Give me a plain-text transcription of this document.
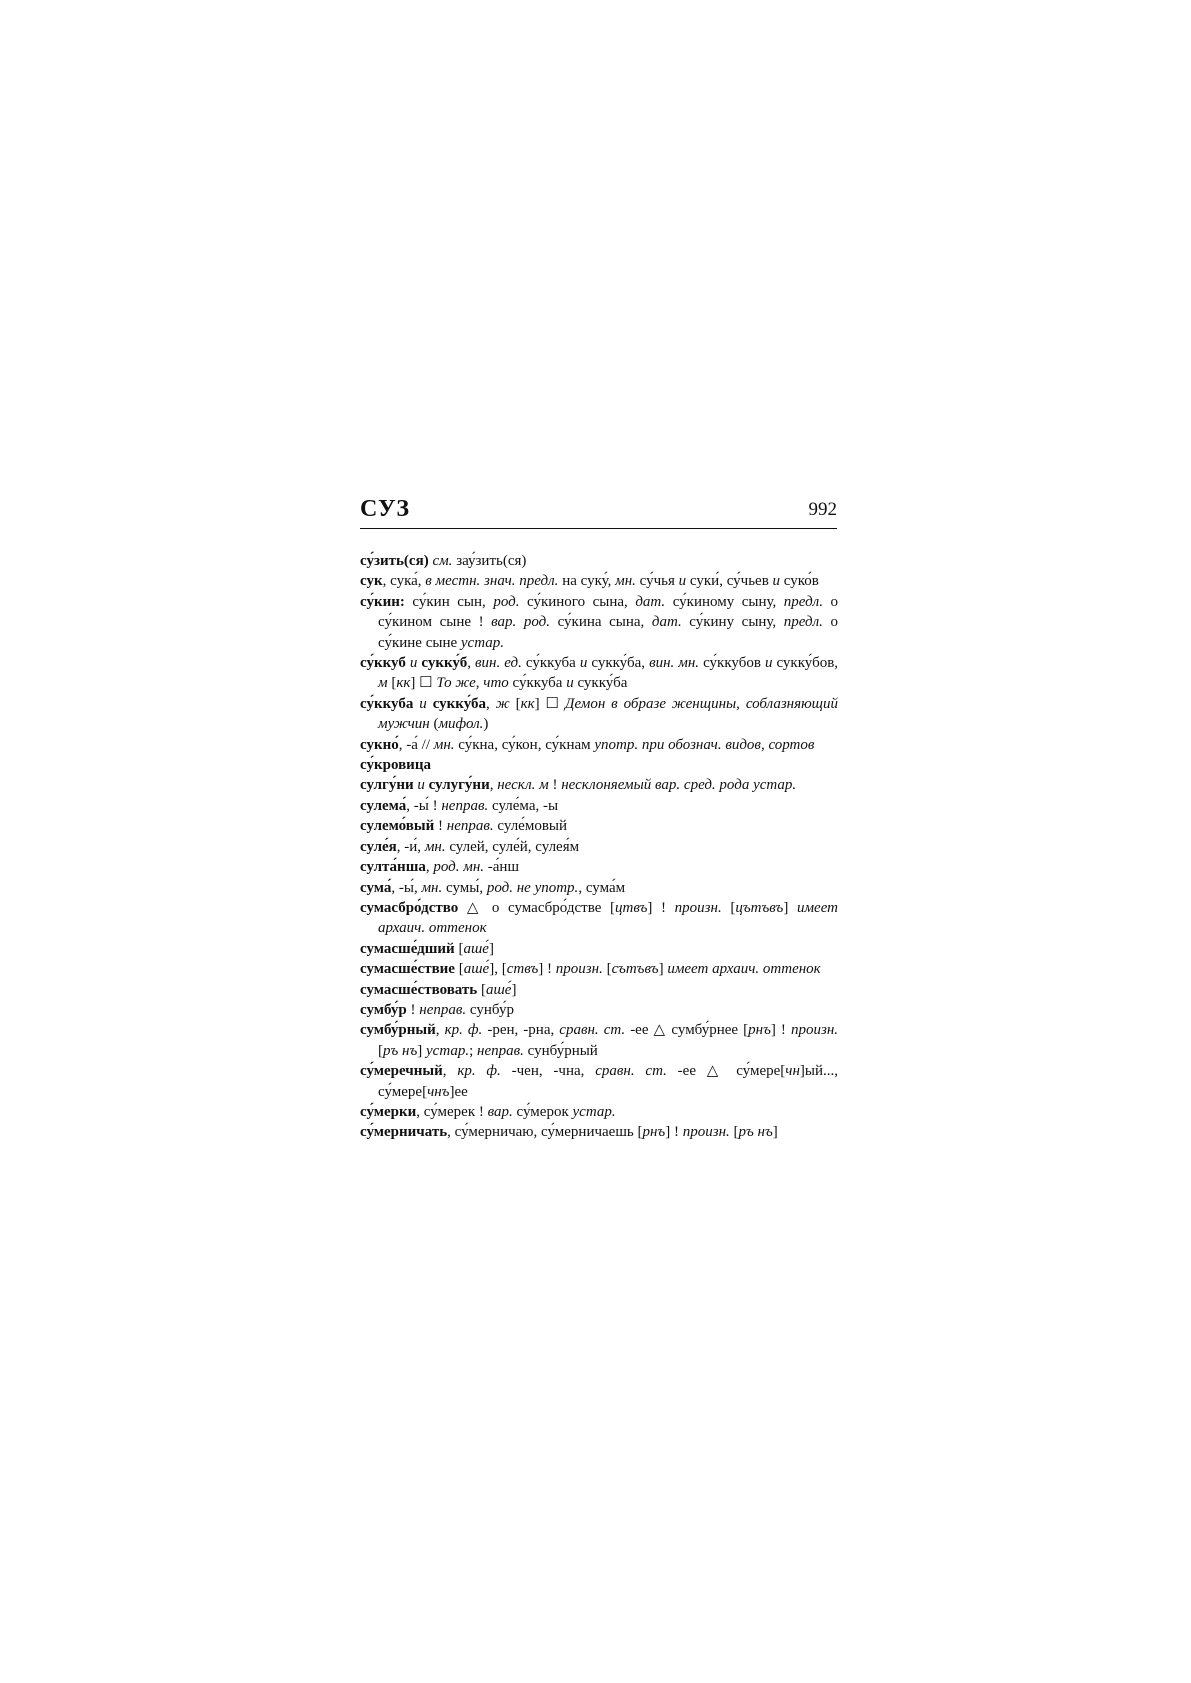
СУЗ	992

су́зить(ся) см. зау́зить(ся)

сук, сука́, в местн. знач. предл. на суку́, мн. су́чья и суки́, су́чьев и суко́в

су́кин: су́кин сын, род. су́киного сына, дат. су́киному сыну, предл. о су́кином сыне ! вар. род. су́кина сына, дат. су́кину сыну, предл. о су́кине сыне устар.

су́ккуб и сукку́б, вин. ед. су́ккуба и сукку́ба, вин. мн. су́ккубов и сукку́бов, м [кк] ☐ То же, что су́ккуба и сукку́ба

су́ккуба и сукку́ба, ж [кк] ☐ Демон в образе женщины, соблазняющий мужчин (мифол.)

сукно́, -а́ // мн. су́кна, су́кон, су́кнам употр. при обознач. видов, сортов

су́кровица

сулгу́ни и сулугу́ни, нескл. м ! несклоняемый вар. сред. рода устар.

сулема́, -ы́ ! неправ. суле́ма, -ы

сулемо́вый ! неправ. суле́мовый

суле́я, -и́, мн. сулей, суле́й, сулея́м

султа́нша, род. мн. -а́нш

сума́, -ы́, мн. сумы́, род. не употр., сума́м

сумасбро́дство △ о сумасбро́дстве [цтвъ] ! произн. [цътъвъ] имеет архаич. оттенок

сумасше́дший [аше́]

сумасше́ствие [аше́], [ствъ] ! произн. [сътъвъ] имеет архаич. оттенок

сумасше́ствовать [аше́]

сумбу́р ! неправ. сунбу́р

сумбу́рный, кр. ф. -рен, -рна, сравн. ст. -ее △ сумбу́рнее [рнъ] ! произн. [ръ нъ] устар.; неправ. сунбу́рный

су́меречный, кр. ф. -чен, -чна, сравн. ст. -ее △ су́мере[чн]ый..., су́мере[чнъ]ее

су́мерки, су́мерек ! вар. су́мерок устар.

су́мерничать, су́мерничаю, су́мерничаешь [рнъ] ! произн. [ръ нъ]
